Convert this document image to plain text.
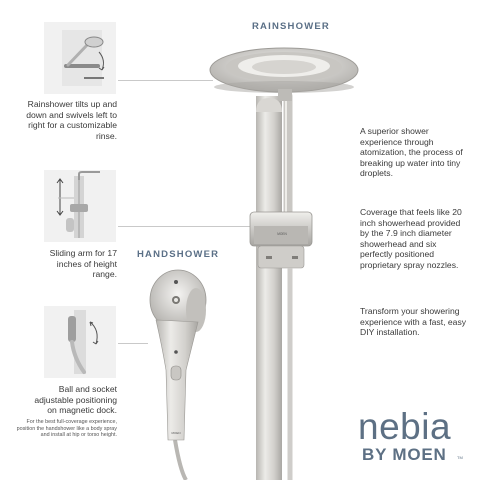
RAINSHOWER
HANDSHOWER
Rainshower tilts up and down and swivels left to right for a customizable rinse.
Sliding arm for 17 inches of height range.
Ball and socket adjustable positioning on magnetic dock.
For the best full-coverage experience, position the handshower like a body spray and install at hip or torso height.
A superior shower experience through atomization, the process of breaking up water into tiny droplets.
Coverage that feels like 20 inch showerhead provided by the 7.9 inch diameter showerhead and six perfectly positioned proprietary spray nozzles.
Transform your showering experience with a fast, easy DIY installation.
MOEN
MOEN	nebia
BY MOEN	TM
